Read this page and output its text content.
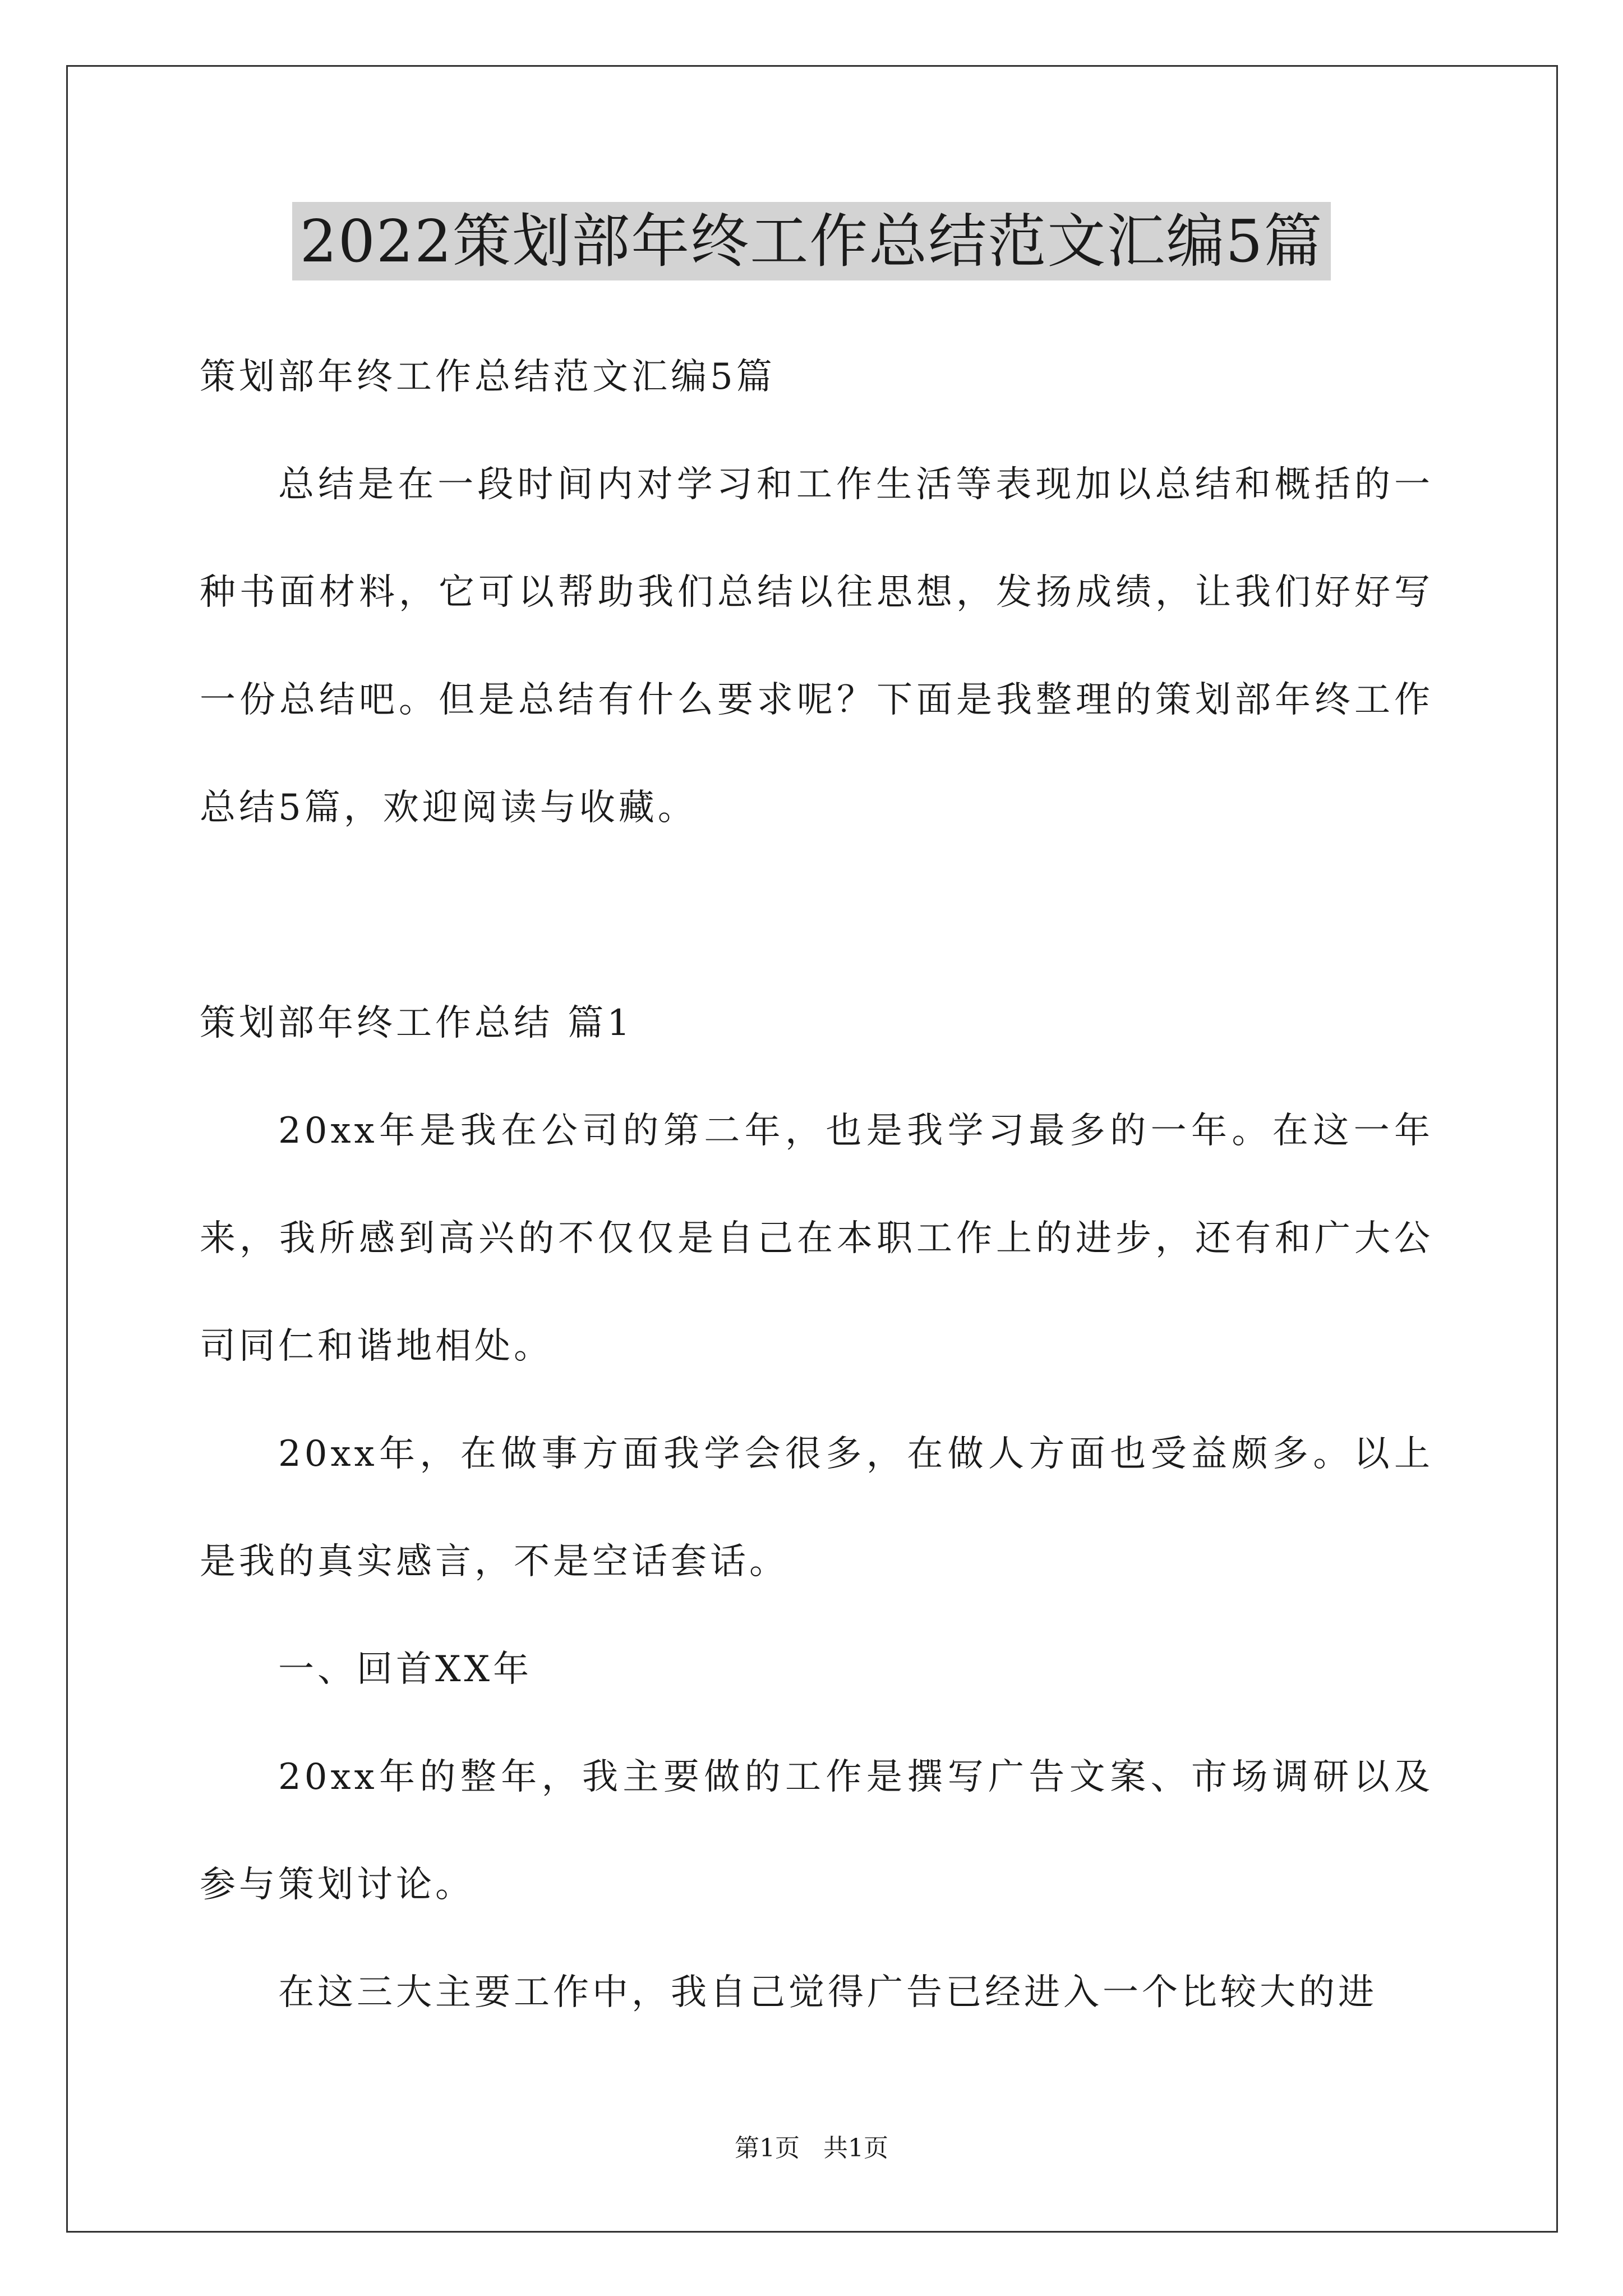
2022策划部年终工作总结范文汇编5篇

策划部年终工作总结范文汇编5篇

总结是在一段时间内对学习和工作生活等表现加以总结和概括的一种书面材料，它可以帮助我们总结以往思想，发扬成绩，让我们好好写一份总结吧。但是总结有什么要求呢？下面是我整理的策划部年终工作总结5篇，欢迎阅读与收藏。

策划部年终工作总结 篇1

20xx年是我在公司的第二年，也是我学习最多的一年。在这一年来，我所感到高兴的不仅仅是自己在本职工作上的进步，还有和广大公司同仁和谐地相处。

20xx年，在做事方面我学会很多，在做人方面也受益颇多。以上是我的真实感言，不是空话套话。

一、回首XX年

20xx年的整年，我主要做的工作是撰写广告文案、市场调研以及参与策划讨论。

在这三大主要工作中，我自己觉得广告已经进入一个比较大的进

第1页   共1页
